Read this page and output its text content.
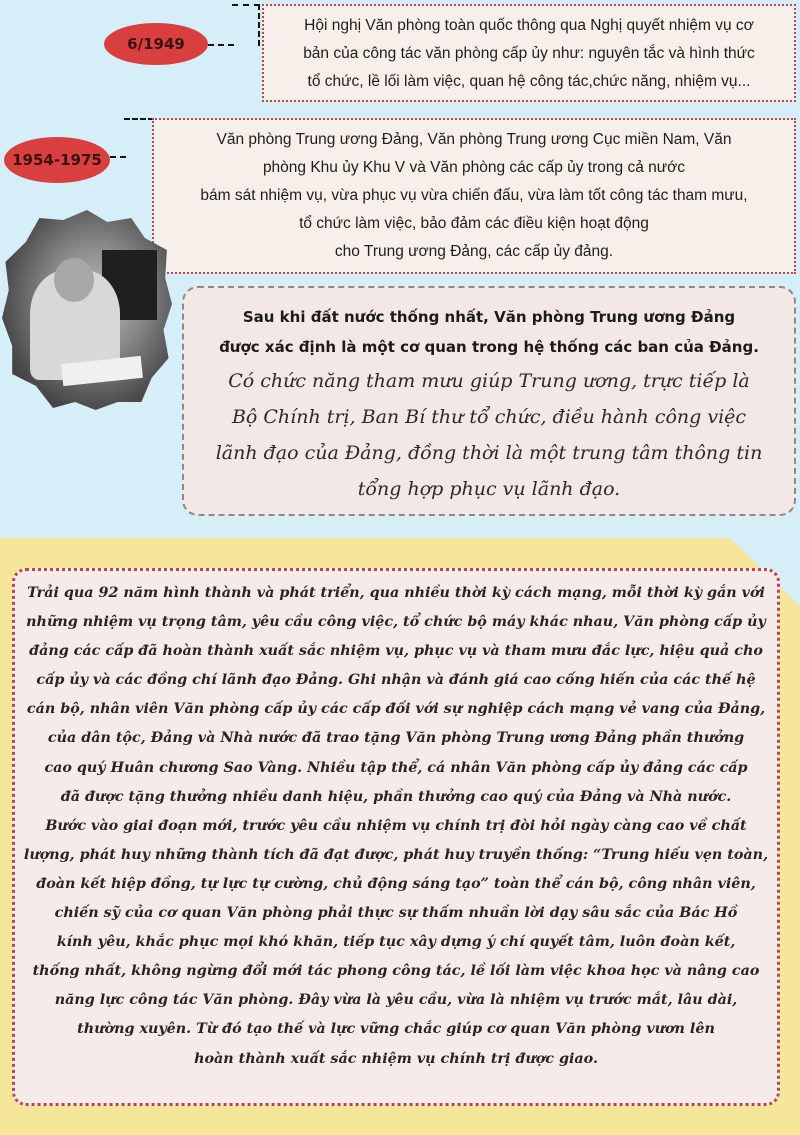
6/1949
Hội nghị Văn phòng toàn quốc thông qua Nghị quyết nhiệm vụ cơ
bản của công tác văn phòng cấp ủy như: nguyên tắc và hình thức
tổ chức, lề lối làm việc, quan hệ công tác,chức năng, nhiệm vụ...
1954-1975
Văn phòng Trung ương Đảng, Văn phòng Trung ương Cục miền Nam, Văn
phòng Khu ủy Khu V và Văn phòng các cấp ủy trong cả nước
bám sát nhiệm vụ, vừa phục vụ vừa chiến đấu, vừa làm tốt công tác tham mưu,
tổ chức làm việc, bảo đảm các điều kiện hoạt động
cho Trung ương Đảng, các cấp ủy đảng.
Sau khi đất nước thống nhất, Văn phòng Trung ương Đảng
được xác định là một cơ quan trong hệ thống các ban của Đảng.
Có chức năng tham mưu giúp Trung ương, trực tiếp là
Bộ Chính trị, Ban Bí thư tổ chức, điều hành công việc
lãnh đạo của Đảng, đồng thời là một trung tâm thông tin
tổng hợp phục vụ lãnh đạo.

Trải qua 92 năm hình thành và phát triển, qua nhiều thời kỳ cách mạng, mỗi thời kỳ gắn với

những nhiệm vụ trọng tâm, yêu cầu công việc, tổ chức bộ máy khác nhau, Văn phòng cấp ủy

đảng các cấp đã hoàn thành xuất sắc nhiệm vụ, phục vụ và tham mưu đắc lực, hiệu quả cho

cấp ủy và các đồng chí lãnh đạo Đảng. Ghi nhận và đánh giá cao cống hiến của các thế hệ

cán bộ, nhân viên Văn phòng cấp ủy các cấp đối với sự nghiệp cách mạng vẻ vang của Đảng,

của dân tộc, Đảng và Nhà nước đã trao tặng Văn phòng Trung ương Đảng phần thưởng

cao quý Huân chương Sao Vàng. Nhiều tập thể, cá nhân Văn phòng cấp ủy đảng các cấp

đã được tặng thưởng nhiều danh hiệu, phần thưởng cao quý của Đảng và Nhà nước.

Bước vào giai đoạn mới, trước yêu cầu nhiệm vụ chính trị đòi hỏi ngày càng cao về chất

lượng, phát huy những thành tích đã đạt được, phát huy truyền thống: “Trung hiếu vẹn toàn,

đoàn kết hiệp đồng, tự lực tự cường, chủ động sáng tạo” toàn thể cán bộ, công nhân viên,

chiến sỹ của cơ quan Văn phòng phải thực sự thấm nhuần lời dạy sâu sắc của Bác Hồ

kính yêu, khắc phục mọi khó khăn, tiếp tục xây dựng ý chí quyết tâm, luôn đoàn kết,

thống nhất, không ngừng đổi mới tác phong công tác, lề lối làm việc khoa học và nâng cao

năng lực công tác Văn phòng. Đây vừa là yêu cầu, vừa là nhiệm vụ trước mắt, lâu dài,

thường xuyên. Từ đó tạo thế và lực vững chắc giúp cơ quan Văn phòng vươn lên

hoàn thành xuất sắc nhiệm vụ chính trị được giao.
